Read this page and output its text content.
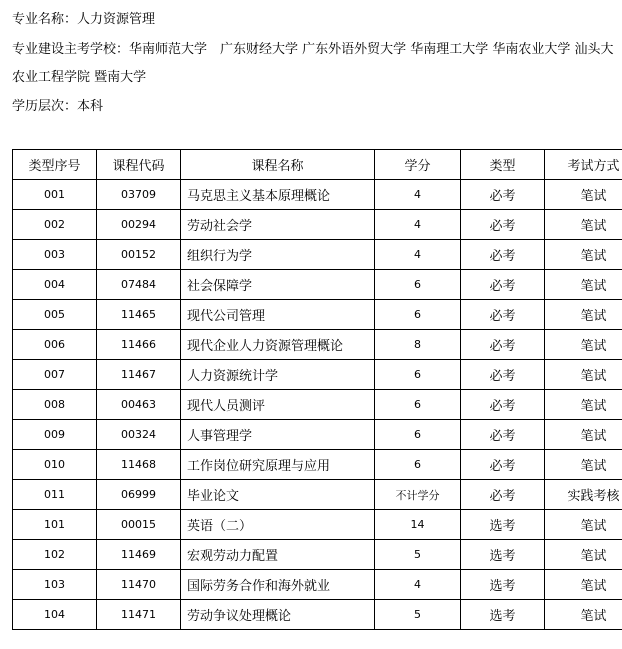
专业名称：人力资源管理
专业建设主考学校：华南师范大学　广东财经大学 广东外语外贸大学 华南理工大学 华南农业大学 汕头大
农业工程学院 暨南大学
学历层次：本科
类型序号	课程代码	课程名称	学分	类型	考试方式	
001	03709	马克思主义基本原理概论	4	必考	笔试	
002	00294	劳动社会学	4	必考	笔试	
003	00152	组织行为学	4	必考	笔试	
004	07484	社会保障学	6	必考	笔试	
005	11465	现代公司管理	6	必考	笔试	
006	11466	现代企业人力资源管理概论	8	必考	笔试	
007	11467	人力资源统计学	6	必考	笔试	
008	00463	现代人员测评	6	必考	笔试	
009	00324	人事管理学	6	必考	笔试	
010	11468	工作岗位研究原理与应用	6	必考	笔试	
011	06999	毕业论文	不计学分	必考	实践考核	
101	00015	英语（二）	14	选考	笔试	
102	11469	宏观劳动力配置	5	选考	笔试	
103	11470	国际劳务合作和海外就业	4	选考	笔试	
104	11471	劳动争议处理概论	5	选考	笔试	
